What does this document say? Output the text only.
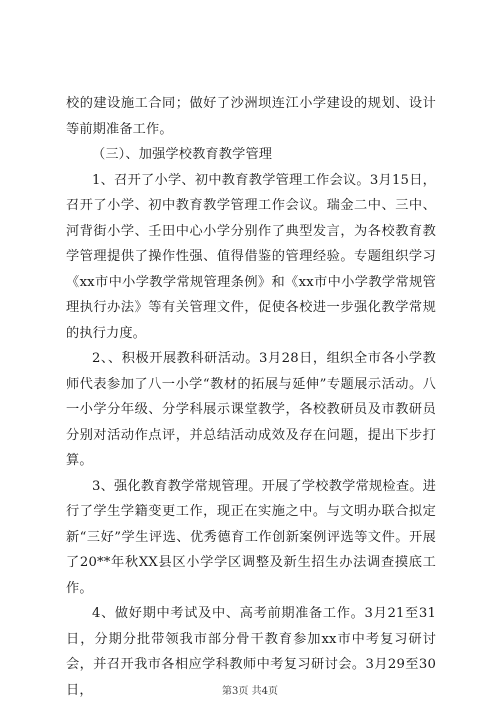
校的建设施工合同；做好了沙洲坝连江小学建设的规划、设计等前期准备工作。

（三）、加强学校教育教学管理

1、召开了小学、初中教育教学管理工作会议。3月15日，召开了小学、初中教育教学管理工作会议。瑞金二中、三中、河背街小学、壬田中心小学分别作了典型发言，为各校教育教学管理提供了操作性强、值得借鉴的管理经验。专题组织学习《xx市中小学教学常规管理条例》和《xx市中小学教学常规管理执行办法》等有关管理文件，促使各校进一步强化教学常规的执行力度。

2、、积极开展教科研活动。3月28日，组织全市各小学教师代表参加了八一小学“教材的拓展与延伸”专题展示活动。八一小学分年级、分学科展示课堂教学，各校教研员及市教研员分别对活动作点评，并总结活动成效及存在问题，提出下步打算。

3、强化教育教学常规管理。开展了学校教学常规检查。进行了学生学籍变更工作，现正在实施之中。与文明办联合拟定新“三好”学生评选、优秀德育工作创新案例评选等文件。开展了20**年秋XX县区小学学区调整及新生招生办法调查摸底工作。

4、做好期中考试及中、高考前期准备工作。3月21至31日，分期分批带领我市部分骨干教育参加xx市中考复习研讨会，并召开我市各相应学科教师中考复习研讨会。3月29至30日，	第3页 共4页
